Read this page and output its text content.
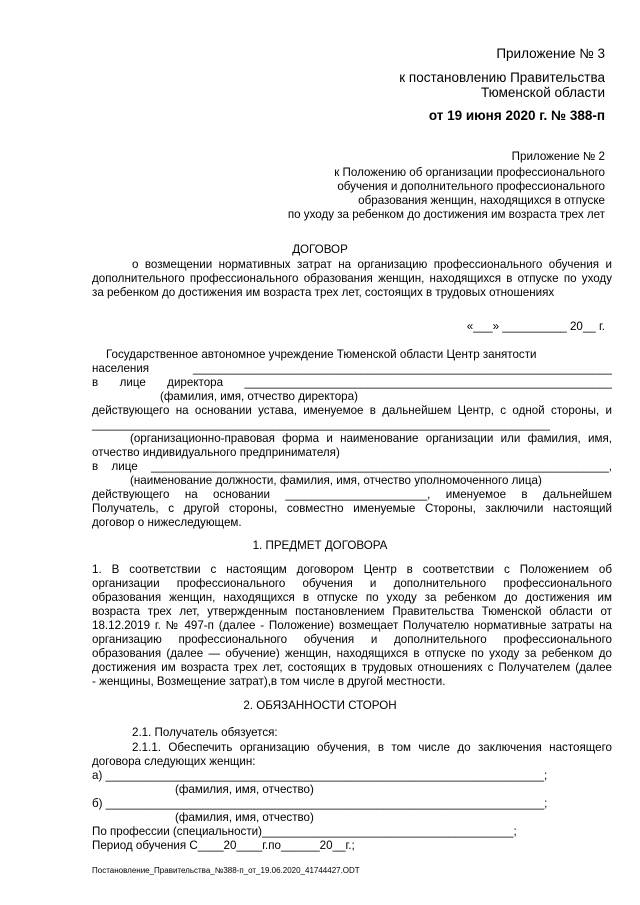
Приложение № 3
к постановлению Правительства
Тюменской области
от 19 июня 2020 г. № 388-п
Приложение № 2
к Положению об организации профессионального
обучения и дополнительного профессионального
образования женщин, находящихся в отпуске
по уходу за ребенком до достижения им возраста трех лет
ДОГОВОР
о возмещении нормативных затрат на организацию профессионального обучения и
дополнительного профессионального образования женщин, находящихся в отпуске по уходу
за ребенком до достижения им возраста трех лет, состоящих в трудовых отношениях
«___» __________ 20__ г.
Государственное автономное учреждение Тюменской области Центр занятости
населения _________________________________________________________________
в лице директора _________________________________________________________
(фамилия, имя, отчество директора)
действующего на основании устава, именуемое в дальнейшем Центр, с одной стороны, и
_______________________________________________________________________
(организационно-правовая форма и наименование организации или фамилия, имя,
отчество индивидуального предпринимателя)
в лице _______________________________________________________________________,
(наименование должности, фамилия, имя, отчество уполномоченного лица)
действующего на основании ______________________, именуемое в дальнейшем
Получатель, с другой стороны, совместно именуемые Стороны, заключили настоящий
договор о нижеследующем.
1. ПРЕДМЕТ ДОГОВОРА
1. В соответствии с настоящим договором Центр в соответствии с Положением об
организации профессионального обучения и дополнительного профессионального
образования женщин, находящихся в отпуске по уходу за ребенком до достижения им
возраста трех лет, утвержденным постановлением Правительства Тюменской области от
18.12.2019 г. № 497-п (далее - Положение) возмещает Получателю нормативные затраты на
организацию профессионального обучения и дополнительного профессионального
образования (далее — обучение) женщин, находящихся в отпуске по уходу за ребенком до
достижения им возраста трех лет, состоящих в трудовых отношениях с Получателем (далее
- женщины, Возмещение затрат),в том числе в другой местности.
2. ОБЯЗАННОСТИ СТОРОН
2.1. Получатель обязуется:
2.1.1. Обеспечить организацию обучения, в том числе до заключения настоящего
договора следующих женщин:
а) ____________________________________________________________________;
(фамилия, имя, отчество)
б) ____________________________________________________________________;
(фамилия, имя, отчество)
По профессии (специальности)_______________________________________;
Период обучения С____20____г.по______20__г.;
Постановление_Правительства_№388-п_от_19.06.2020_41744427.ODT
